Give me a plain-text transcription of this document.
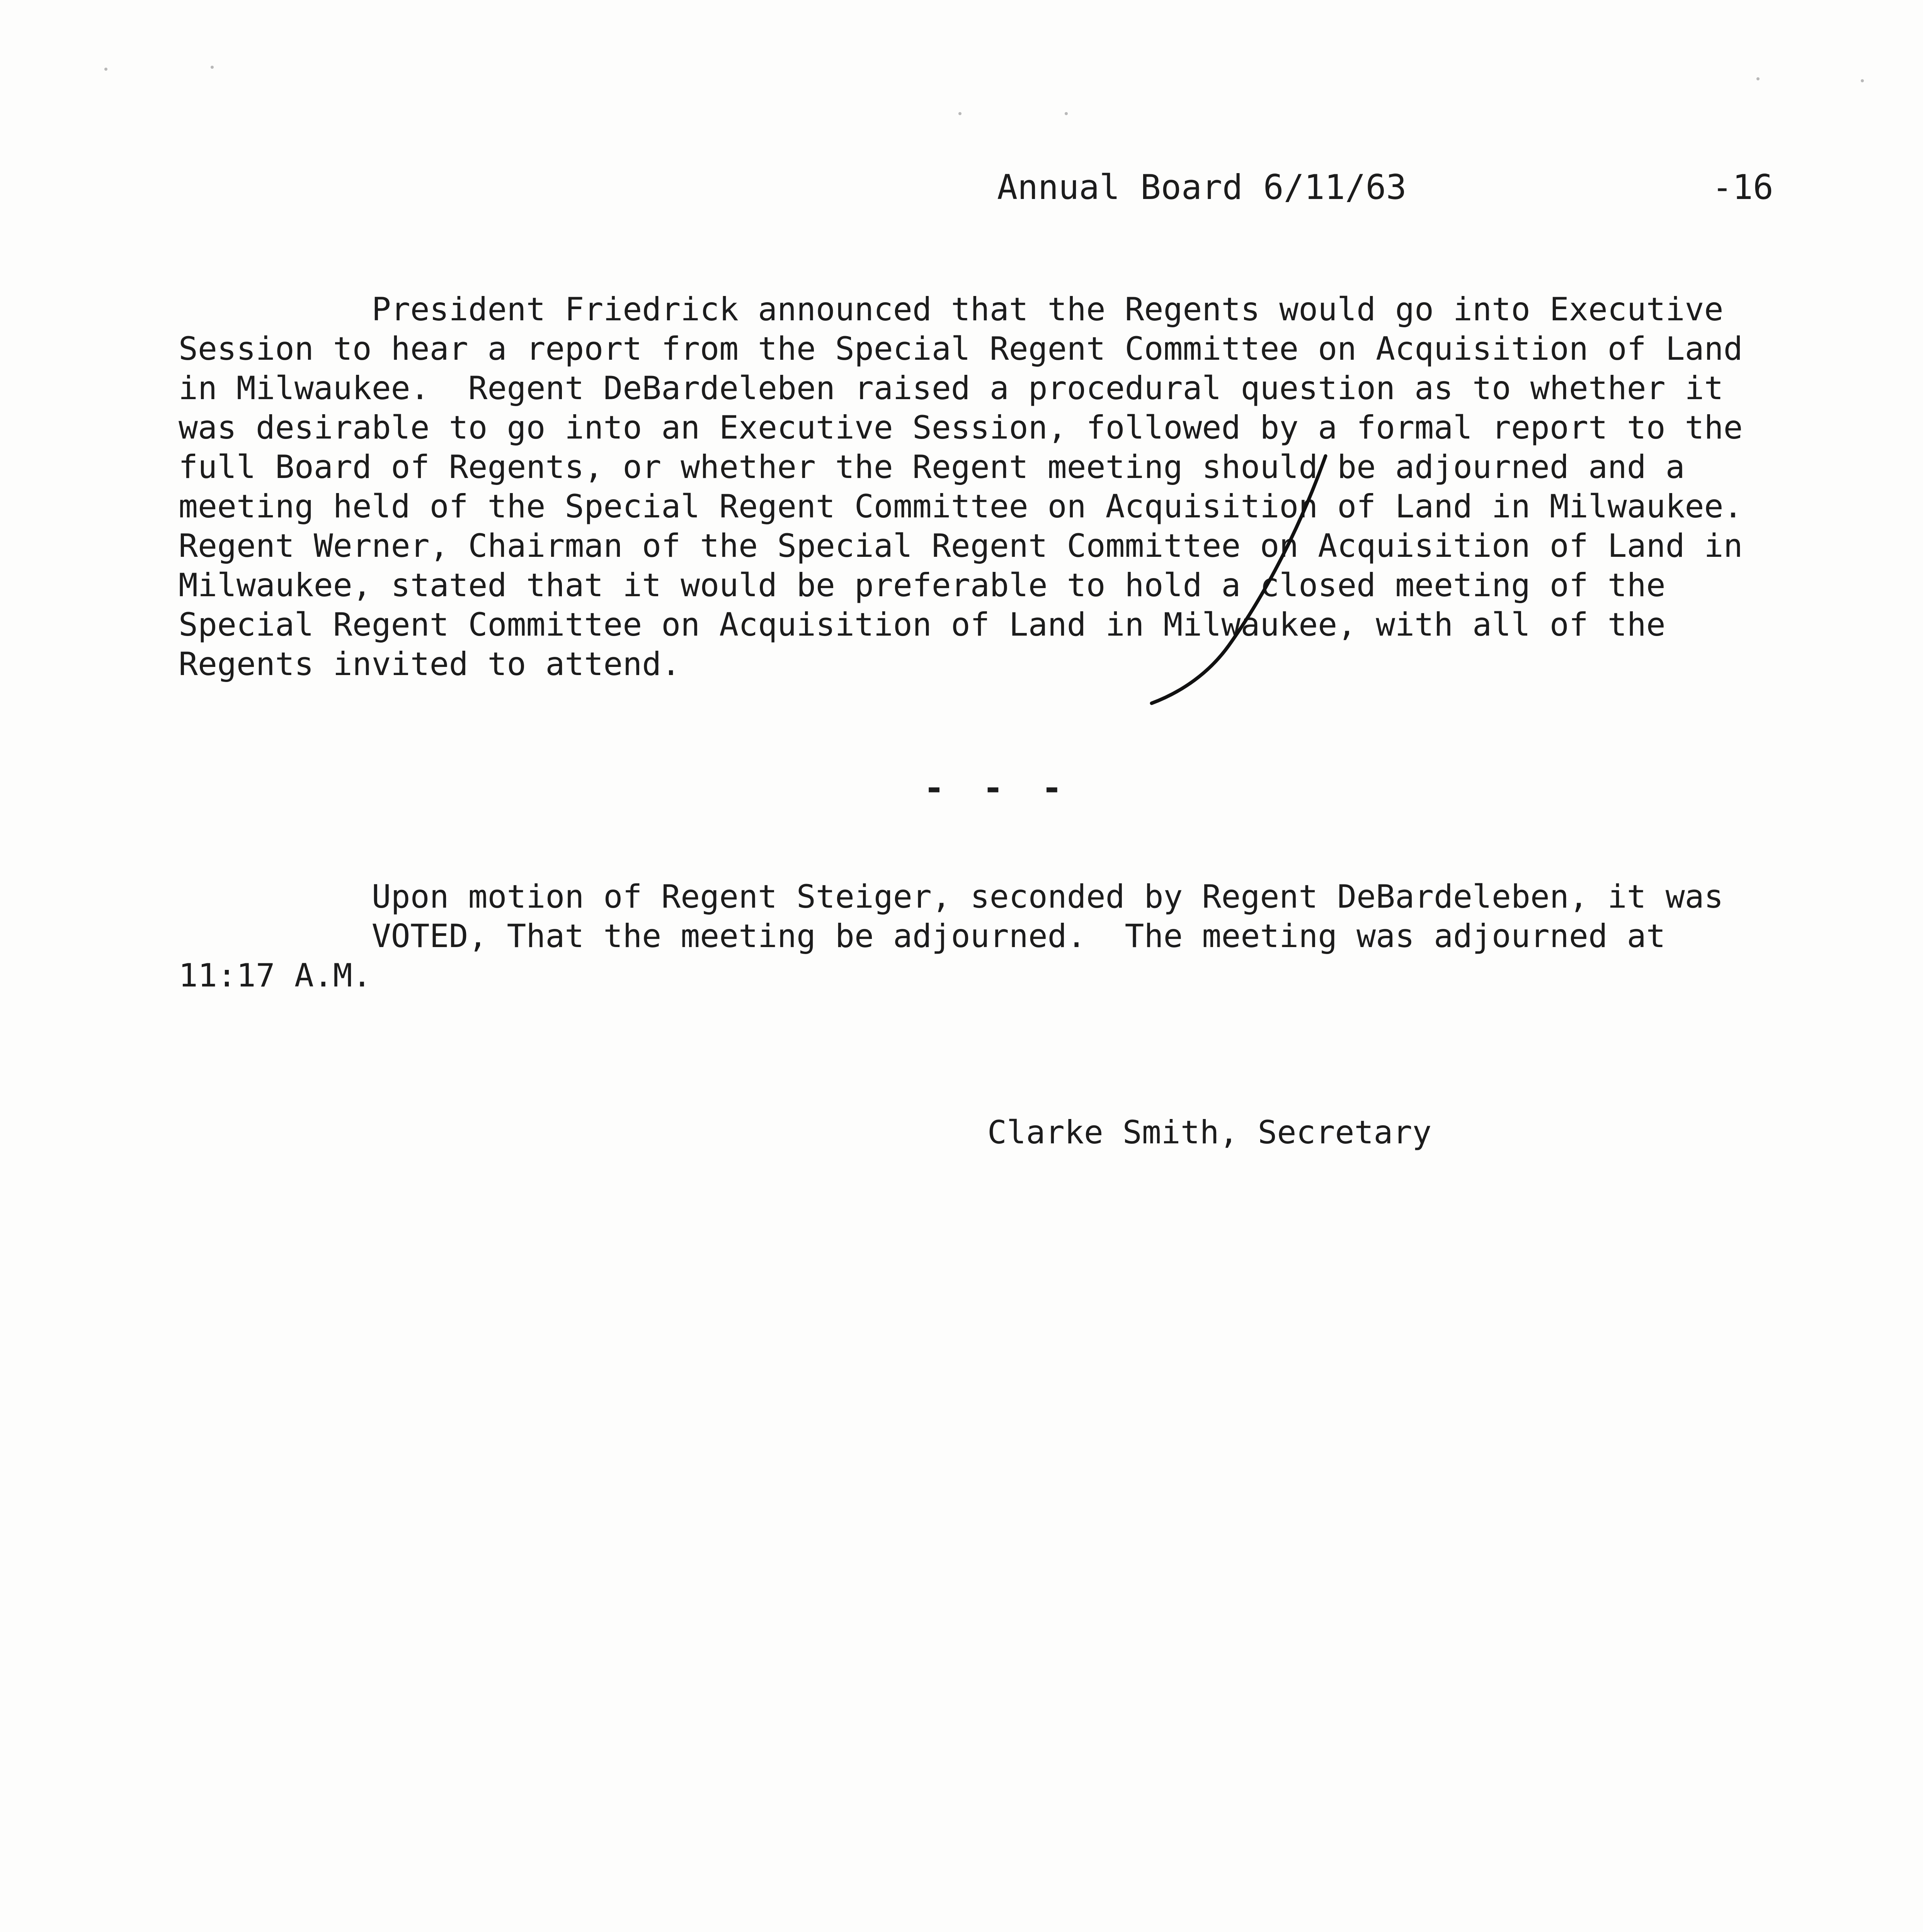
Annual Board 6/11/63	-16
President Friedrick announced that the Regents would go into Executive
Session to hear a report from the Special Regent Committee on Acquisition of Land
in Milwaukee.  Regent DeBardeleben raised a procedural question as to whether it
was desirable to go into an Executive Session, followed by a formal report to the
full Board of Regents, or whether the Regent meeting should be adjourned and a
meeting held of the Special Regent Committee on Acquisition of Land in Milwaukee.
Regent Werner, Chairman of the Special Regent Committee on Acquisition of Land in
Milwaukee, stated that it would be preferable to hold a closed meeting of the
Special Regent Committee on Acquisition of Land in Milwaukee, with all of the
Regents invited to attend.
- - -
Upon motion of Regent Steiger, seconded by Regent DeBardeleben, it was
VOTED, That the meeting be adjourned.  The meeting was adjourned at
11:17 A.M.
Clarke Smith, Secretary
